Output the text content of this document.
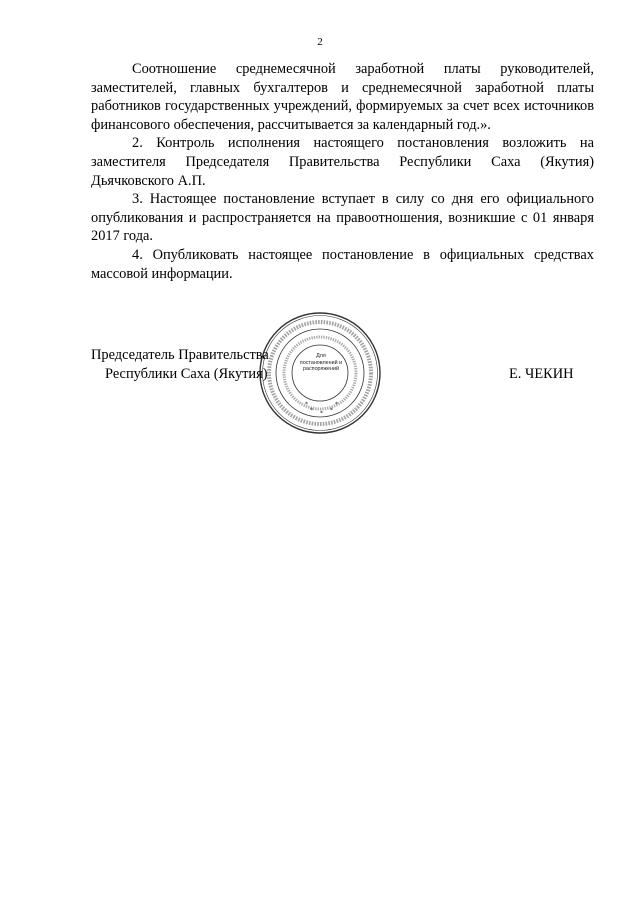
2

Соотношение среднемесячной заработной платы руководителей, заместителей, главных бухгалтеров и среднемесячной заработной платы работников государственных учреждений, формируемых за счет всех источников финансового обеспечения, рассчитывается за календарный год.».

2. Контроль исполнения настоящего постановления возложить на заместителя Председателя Правительства Республики Саха (Якутия) Дьячковского А.П.

3. Настоящее постановление вступает в силу со дня его официального опубликования и распространяется на правоотношения, возникшие с 01 января 2017 года.

4. Опубликовать настоящее постановление в официальных средствах массовой информации.

Председатель Правительства
Республики Саха (Якутия)	Е. ЧЕКИН
* * *
*	*
Для постановлений и распоряжений
